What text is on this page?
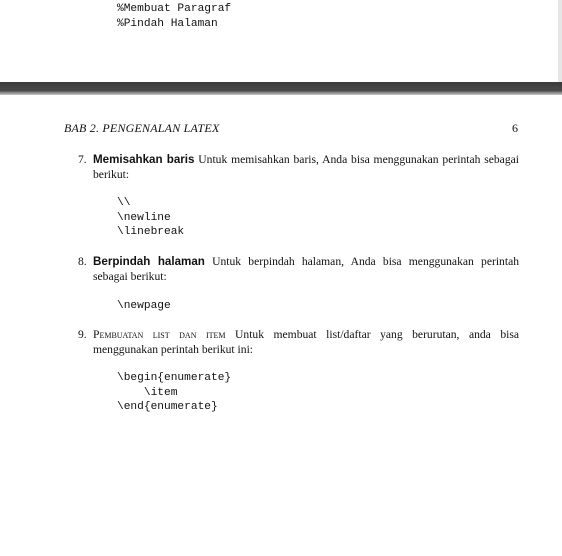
%Membuat Paragraf
%Pindah Halaman
BAB 2. PENGENALAN LATEX	6
7. Memisahkan baris Untuk memisahkan baris, Anda bisa menggunakan perintah sebagai berikut:
\\
\newline
\linebreak
8. Berpindah halaman Untuk berpindah halaman, Anda bisa menggunakan perintah sebagai berikut:
\newpage
9. Pembuatan list dan item Untuk membuat list/daftar yang berurutan, anda bisa menggunakan perintah berikut ini:
\begin{enumerate}
\item
\end{enumerate}
